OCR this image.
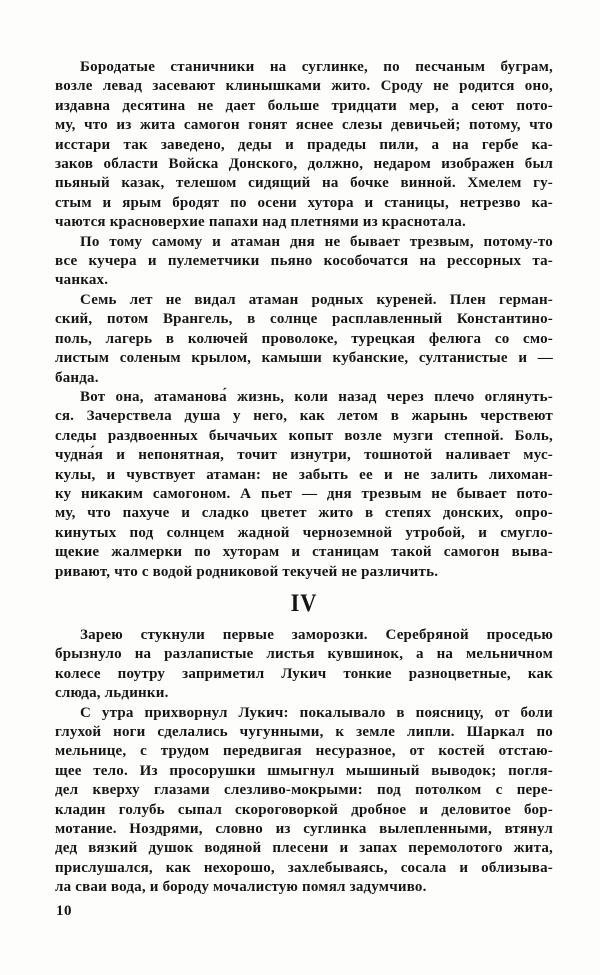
Бородатые станичники на суглинке, по песчаным буграм,
возле левад засевают клинышками жито. Сроду не родится оно,
издавна десятина не дает больше тридцати мер, а сеют пото-
му, что из жита самогон гонят яснее слезы девичьей; потому, что
исстари так заведено, деды и прадеды пили, а на гербе ка-
заков области Войска Донского, должно, недаром изображен был
пьяный казак, телешом сидящий на бочке винной. Хмелем гу-
стым и ярым бродят по осени хутора и станицы, нетрезво ка-
чаются красноверхие папахи над плетнями из краснотала.
По тому самому и атаман дня не бывает трезвым, потому-то
все кучера и пулеметчики пьяно кособочатся на рессорных та-
чанках.
Семь лет не видал атаман родных куреней. Плен герман-
ский, потом Врангель, в солнце расплавленный Константино-
поль, лагерь в колючей проволоке, турецкая фелюга со смо-
листым соленым крылом, камыши кубанские, султанистые и —
банда.
Вот она, атаманова́ жизнь, коли назад через плечо оглянуть-
ся. Зачерствела душа у него, как летом в жарынь черствеют
следы раздвоенных бычачьих копыт возле музги степной. Боль,
чудна́я и непонятная, точит изнутри, тошнотой наливает мус-
кулы, и чувствует атаман: не забыть ее и не залить лихоман-
ку никаким самогоном. А пьет — дня трезвым не бывает пото-
му, что пахуче и сладко цветет жито в степях донских, опро-
кинутых под солнцем жадной черноземной утробой, и смугло-
щекие жалмерки по хуторам и станицам такой самогон выва-
ривают, что с водой родниковой текучей не различить.
IV
Зарею стукнули первые заморозки. Серебряной проседью
брызнуло на разлапистые листья кувшинок, а на мельничном
колесе поутру заприметил Лукич тонкие разноцветные, как
слюда, льдинки.
С утра прихворнул Лукич: покалывало в поясницу, от боли
глухой ноги сделались чугунными, к земле липли. Шаркал по
мельнице, с трудом передвигая несуразное, от костей отстаю-
щее тело. Из просорушки шмыгнул мышиный выводок; погля-
дел кверху глазами слезливо-мокрыми: под потолком с пере-
кладин голубь сыпал скороговоркой дробное и деловитое бор-
мотание. Ноздрями, словно из суглинка вылепленными, втянул
дед вязкий душок водяной плесени и запах перемолотого жита,
прислушался, как нехорошо, захлебываясь, сосала и облизыва-
ла сваи вода, и бороду мочалистую помял задумчиво.
10
